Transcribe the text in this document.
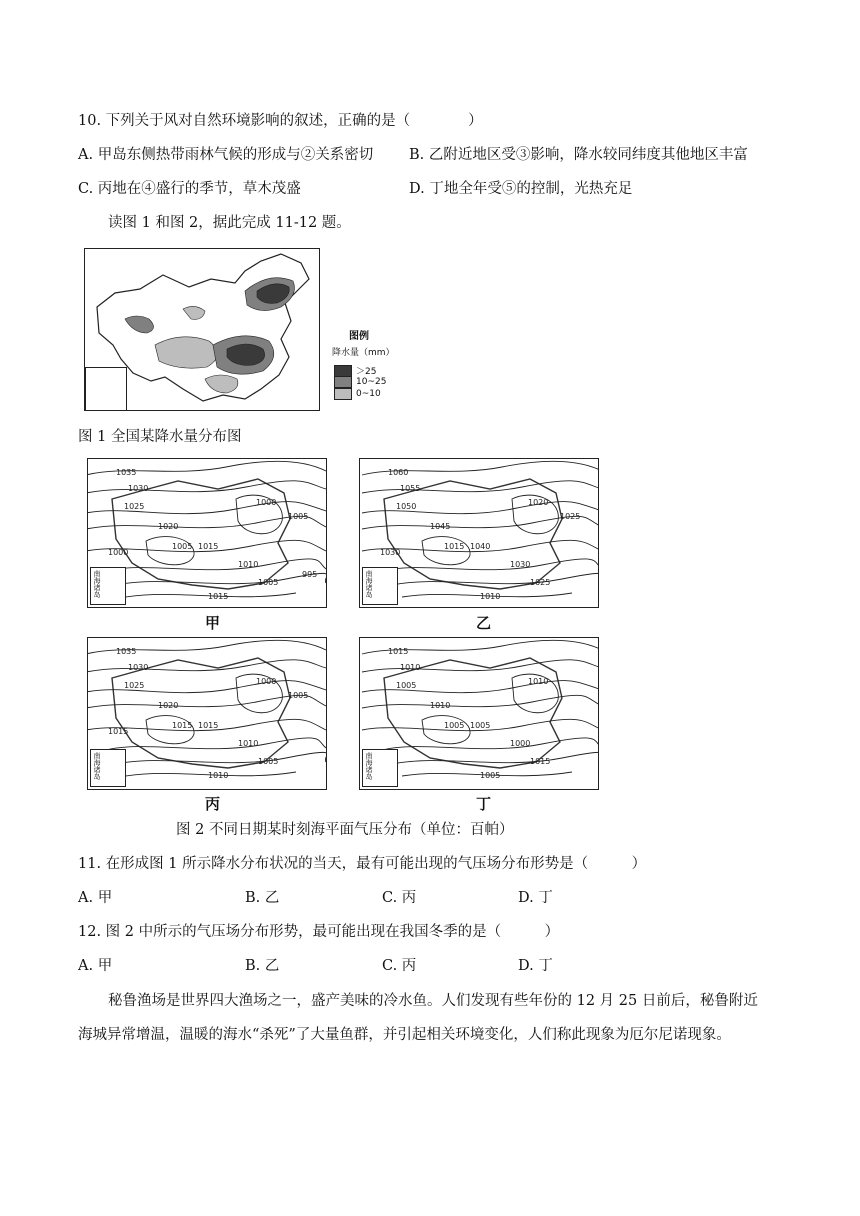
10. 下列关于风对自然环境影响的叙述，正确的是（　　　　）
A. 甲岛东侧热带雨林气候的形成与②关系密切 B. 乙附近地区受③影响，降水较同纬度其他地区丰富
C. 丙地在④盛行的季节，草木茂盛	D. 丁地全年受⑤的控制，光热充足
读图 1 和图 2，据此完成 11-12 题。
图例
降水量（mm）
＞25
10~25
0~10
图 1 全国某降水量分布图
1035
1030
1025
1020
1015
1010
1005
1000
1005
1015
1005
1000
995
南海诸岛
甲
1060
1055
1050
1045
1040
1030
1025
1020
1015
1010
1025
1030
南海诸岛
乙
1035
1030
1025
1020
1015
1010
1005
1000
1015
1010
1005
1015
南海诸岛
丙
1015
1010
1005
1010
1005
1000
1015
1010
1005
1005
南海诸岛
丁
图 2 不同日期某时刻海平面气压分布（单位：百帕）
11. 在形成图 1 所示降水分布状况的当天，最有可能出现的气压场分布形势是（　　　）
A. 甲	B. 乙	C. 丙	D. 丁
12. 图 2 中所示的气压场分布形势，最可能出现在我国冬季的是（　　　）
A. 甲	B. 乙	C. 丙	D. 丁
秘鲁渔场是世界四大渔场之一，盛产美味的冷水鱼。人们发现有些年份的 12 月 25 日前后，秘鲁附近
海城异常增温，温暖的海水“杀死”了大量鱼群，并引起相关环境变化，人们称此现象为厄尔尼诺现象。
